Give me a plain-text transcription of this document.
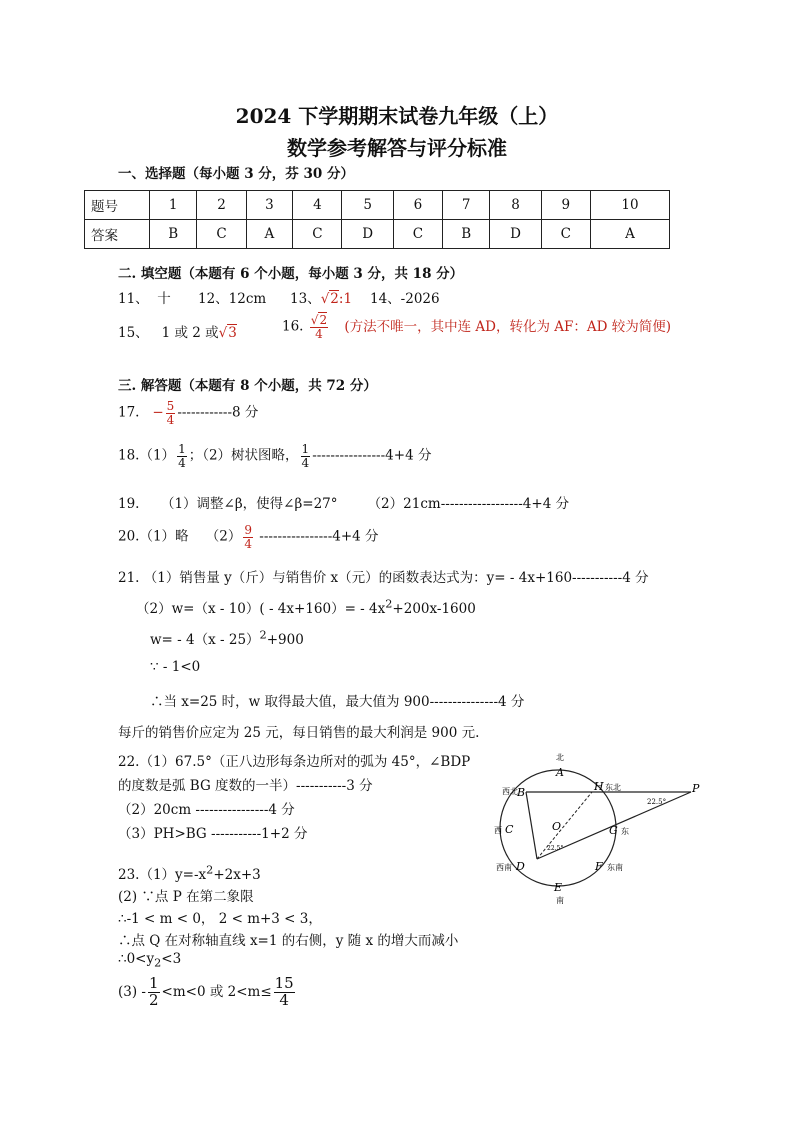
2024 下学期期末试卷九年级（上）
数学参考解答与评分标准
一、选择题（每小题 3 分，芬 30 分）
题号	1	2	3	4	5	6	7	8	9	10
答案	B	C	A	C	D	C	B	D	C	A
二. 填空题（本题有 6 个小题，每小题 3 分，共 18 分）
11、 十 12、12cm 13、√2:1 14、-2026
15、 1 或 2 或√3	16. $\frac{√2}{4}$ (方法不唯一，其中连 AD，转化为 AF：AD 较为简便)
三. 解答题（本题有 8 个小题，共 72 分）
17. − $\frac{5}{4} ------------8$ 分
$18.(1) \frac{1}{4}$ ；（2）树状图略， $\frac{1}{4} ----------------4+4$ 分
19. （1）调整∠β，使得∠β=27° （2）21cm------------------4+4 分
20.（1）略 $(2) \frac{9}{4} ----------------4+4$ 分
21. （1）销售量 y（斤）与销售价 x（元）的函数表达式为：y= - 4x+160-----------4 分
$(2)w=(x - 10)( - 4x+160)= - 4x^2+200x-1600$
w= - 4（x - 25）$^2$+900
∵ - 1<0
∴当 x=25 时，w 取得最大值，最大值为 900---------------4 分
每斤的销售价应定为 25 元，每日销售的最大利润是 900 元.
22.（1）67.5°（正八边形每条边所对的弧为 45°，∠BDP
的度数是弧 BG 度数的一半）-----------3 分
（2）20cm ----------------4 分
（3）PH>BG -----------1+2 分
$23.(1)y=-x^2+2x+3$
(2) ∵点 P 在第二象限
∴-1 < m < 0， 2 < m+3 < 3，
∴点 Q 在对称轴直线 x=1 的右侧，y 随 x 的增大而减小
$\therefore 0<y_2<3$
$(3) - \frac{1}{2} <m<0$ 或 $2<m\le \frac{15}{4}$
北
A
西北 B	H 东北	P
22.5°
西 C	O	G 东
22.5°
西南 D	F 东南
E
南
